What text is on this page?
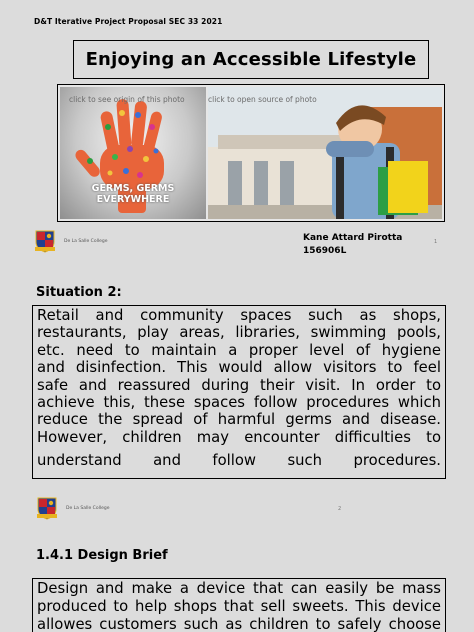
D&T Iterative Project Proposal SEC 33 2021
Enjoying an Accessible Lifestyle
click to see origin of this photo
GERMS, GERMS
EVERYWHERE
click to open source of photo
De La Salle College	1
Kane Attard Pirotta
156906L
Situation 2:
Retail and community spaces such as shops,
restaurants, play areas, libraries, swimming pools,
etc. need to maintain a proper level of hygiene
and disinfection. This would allow visitors to feel
safe and reassured during their visit. In order to
achieve this, these spaces follow procedures which
reduce the spread of harmful germs and disease.
However, children may encounter difficulties to
understand and follow such procedures.
De La Salle College	2
1.4.1 Design Brief
Design and make a device that can easily be mass
produced to help shops that sell sweets. This device
allowes customers such as children to safely choose
